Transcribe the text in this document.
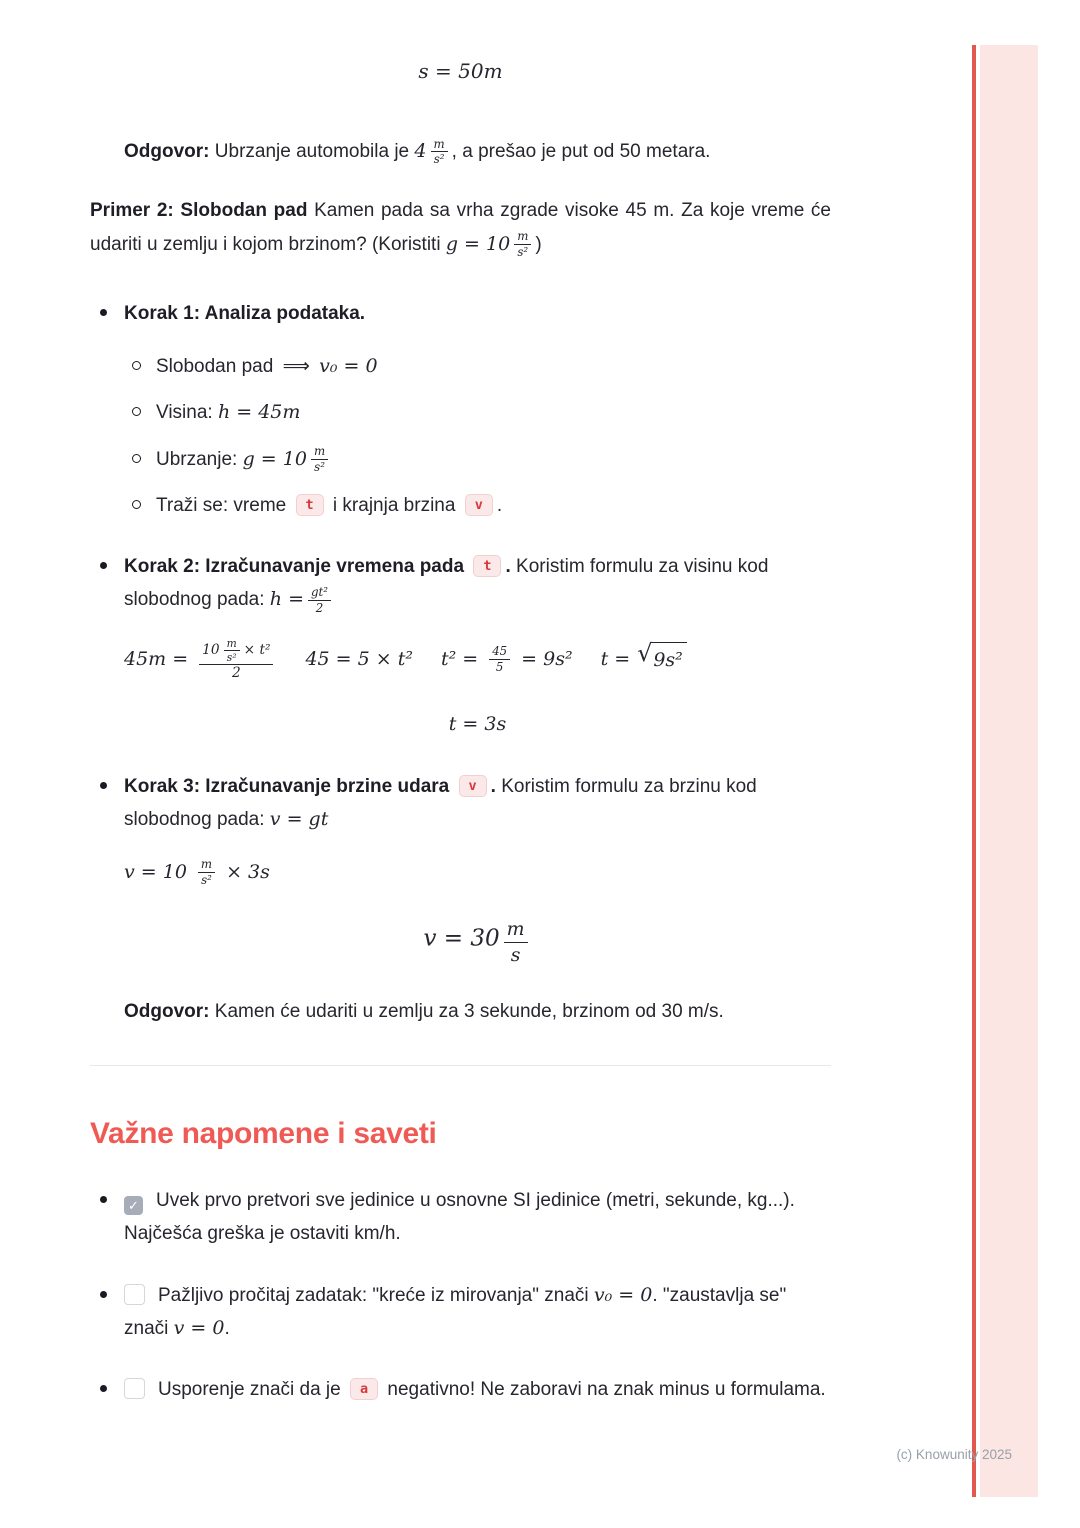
s = 50m

Odgovor: Ubrzanje automobila je $4 \frac{m}{\text{s²}}$ , a prešao je put od 50 metara.

Primer 2: Slobodan pad Kamen pada sa vrha zgrade visoke 45 m. Za koje vreme će udariti u zemlju i kojom brzinom? (Koristiti $g = 10 \frac{m}{\text{s²}}$ )

Korak 1: Analiza podataka.
Slobodan pad ⟹ v₀ = 0
Visina: h = 45m
Ubrzanje: $g = 10 \frac{m}{\text{s²}}$
Traži se: vreme t i krajnja brzina v .
Korak 2: Izračunavanje vremena pada t . Koristim formulu za visinu kod slobodnog pada: $h = \frac{\text{gt²}}{2}$
$45m = \frac{10 \frac{m}{\text{s²}} \times t^2}{2} 45 = 5 \times t^2$ $t^2 = \frac{45}{5} = 9s^2$ t = √ 9s²
t = 3s
Korak 3: Izračunavanje brzine udara v . Koristim formulu za brzinu kod slobodnog pada: v = gt
$v = 10 \frac{m}{\text{s²}} \times 3s$
$v = 30 \frac{m}{s}$

Odgovor: Kamen će udariti u zemlju za 3 sekunde, brzinom od 30 m/s.

Važne napomene i saveti
✓ Uvek prvo pretvori sve jedinice u osnovne SI jedinice (metri, sekunde, kg...). Najčešća greška je ostaviti km/h.
Pažljivo pročitaj zadatak: "kreće iz mirovanja" znači v₀ = 0. "zaustavlja se" znači v = 0.
Usporenje znači da je a negativno! Ne zaboravi na znak minus u formulama.
(c) Knowunity 2025
